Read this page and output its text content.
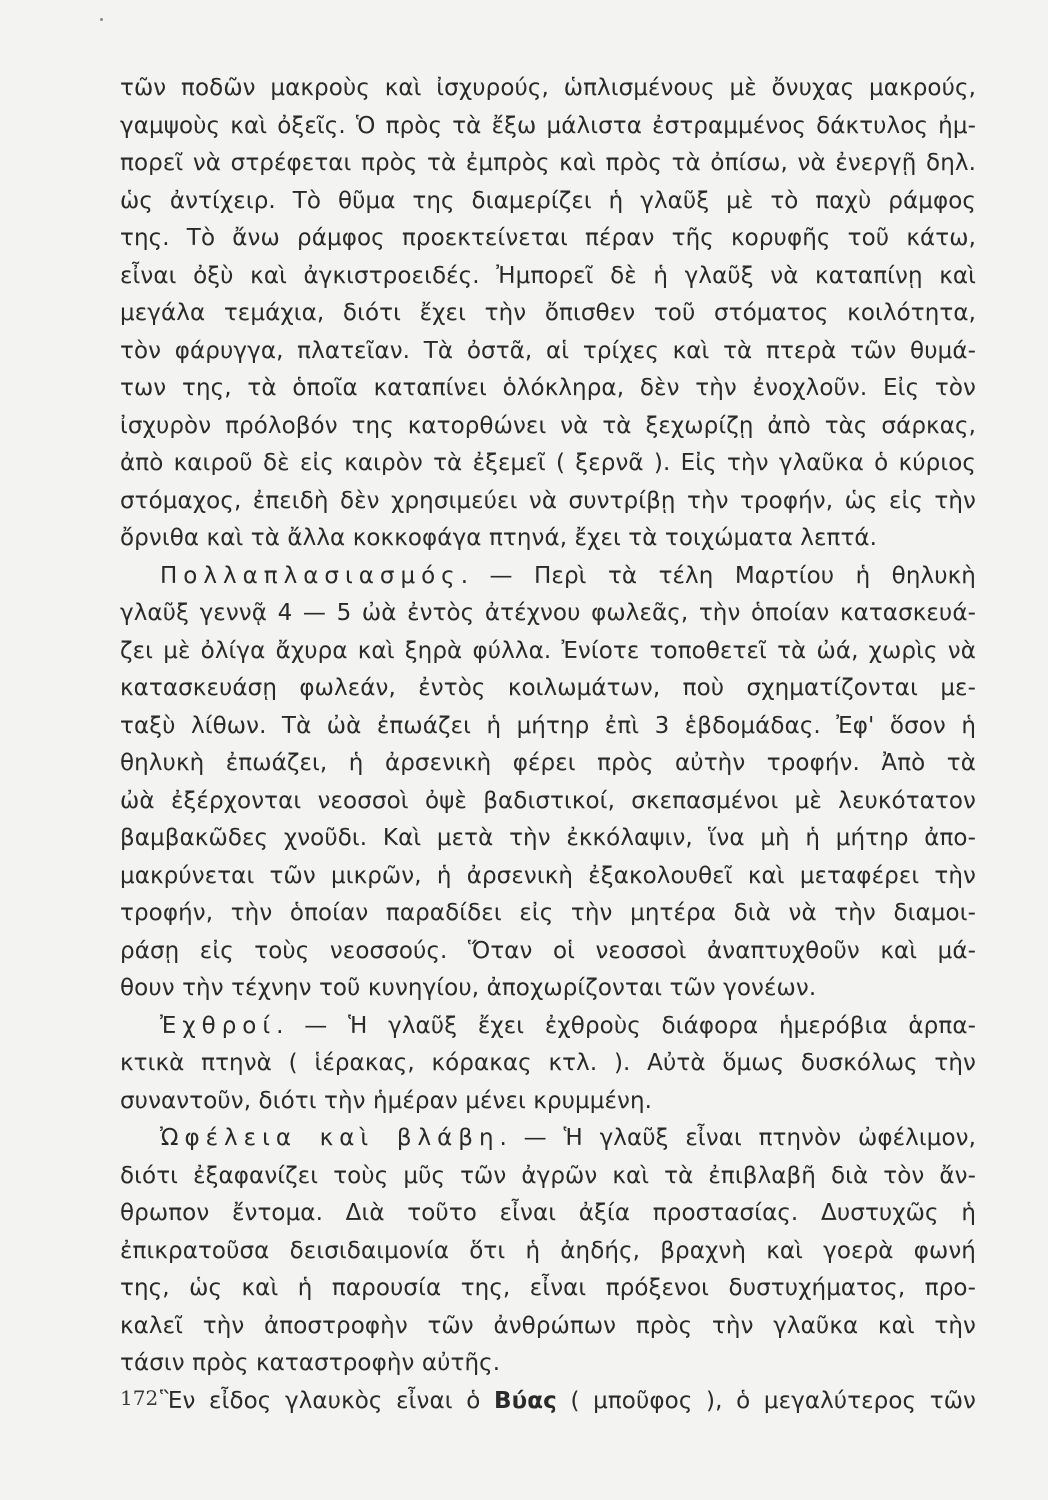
τῶν ποδῶν μακροὺς καὶ ἰσχυρούς, ὡπλισμένους μὲ ὄνυχας μακρούς,
γαμψοὺς καὶ ὀξεῖς. Ὁ πρὸς τὰ ἔξω μάλιστα ἐστραμμένος δάκτυλος ἠμ-
πορεῖ νὰ στρέφεται πρὸς τὰ ἐμπρὸς καὶ πρὸς τὰ ὀπίσω, νὰ ἐνεργῇ δηλ.
ὡς ἀντίχειρ. Τὸ θῦμα της διαμερίζει ἡ γλαῦξ μὲ τὸ παχὺ ράμφος
της. Τὸ ἄνω ράμφος προεκτείνεται πέραν τῆς κορυφῆς τοῦ κάτω,
εἶναι ὀξὺ καὶ ἀγκιστροειδές. Ἠμπορεῖ δὲ ἡ γλαῦξ νὰ καταπίνῃ καὶ
μεγάλα τεμάχια, διότι ἔχει τὴν ὄπισθεν τοῦ στόματος κοιλότητα,
τὸν φάρυγγα, πλατεῖαν. Τὰ ὀστᾶ, αἱ τρίχες καὶ τὰ πτερὰ τῶν θυμά-
των της, τὰ ὁποῖα καταπίνει ὁλόκληρα, δὲν τὴν ἐνοχλοῦν. Εἰς τὸν
ἰσχυρὸν πρόλοβόν της κατορθώνει νὰ τὰ ξεχωρίζῃ ἀπὸ τὰς σάρκας,
ἀπὸ καιροῦ δὲ εἰς καιρὸν τὰ ἐξεμεῖ ( ξερνᾶ ). Εἰς τὴν γλαῦκα ὁ κύριος
στόμαχος, ἐπειδὴ δὲν χρησιμεύει νὰ συντρίβῃ τὴν τροφήν, ὡς εἰς τὴν
ὄρνιθα καὶ τὰ ἄλλα κοκκοφάγα πτηνά, ἔχει τὰ τοιχώματα λεπτά.
Πολλαπλασιασμός. — Περὶ τὰ τέλη Μαρτίου ἡ θηλυκὴ
γλαῦξ γεννᾷ 4 — 5 ὠὰ ἐντὸς ἀτέχνου φωλεᾶς, τὴν ὁποίαν κατασκευά-
ζει μὲ ὀλίγα ἄχυρα καὶ ξηρὰ φύλλα. Ἐνίοτε τοποθετεῖ τὰ ὠά, χωρὶς νὰ
κατασκευάσῃ φωλεάν, ἐντὸς κοιλωμάτων, ποὺ σχηματίζονται με-
ταξὺ λίθων. Τὰ ὠὰ ἐπωάζει ἡ μήτηρ ἐπὶ 3 ἑβδομάδας. Ἐφ' ὅσον ἡ
θηλυκὴ ἐπωάζει, ἡ ἀρσενικὴ φέρει πρὸς αὐτὴν τροφήν. Ἀπὸ τὰ
ὠὰ ἐξέρχονται νεοσσοὶ ὀψὲ βαδιστικοί, σκεπασμένοι μὲ λευκότατον
βαμβακῶδες χνοῦδι. Καὶ μετὰ τὴν ἐκκόλαψιν, ἵνα μὴ ἡ μήτηρ ἀπο-
μακρύνεται τῶν μικρῶν, ἡ ἀρσενικὴ ἐξακολουθεῖ καὶ μεταφέρει τὴν
τροφήν, τὴν ὁποίαν παραδίδει εἰς τὴν μητέρα διὰ νὰ τὴν διαμοι-
ράσῃ εἰς τοὺς νεοσσούς. Ὅταν οἱ νεοσσοὶ ἀναπτυχθοῦν καὶ μά-
θουν τὴν τέχνην τοῦ κυνηγίου, ἀποχωρίζονται τῶν γονέων.
Ἐχθροί. — Ἡ γλαῦξ ἔχει ἐχθροὺς διάφορα ἡμερόβια ἁρπα-
κτικὰ πτηνὰ ( ἱέρακας, κόρακας κτλ. ). Αὐτὰ ὅμως δυσκόλως τὴν
συναντοῦν, διότι τὴν ἡμέραν μένει κρυμμένη.
Ὠφέλεια καὶ βλάβη. — Ἡ γλαῦξ εἶναι πτηνὸν ὠφέλιμον,
διότι ἐξαφανίζει τοὺς μῦς τῶν ἀγρῶν καὶ τὰ ἐπιβλαβῆ διὰ τὸν ἄν-
θρωπον ἔντομα. Διὰ τοῦτο εἶναι ἀξία προστασίας. Δυστυχῶς ἡ
ἐπικρατοῦσα δεισιδαιμονία ὅτι ἡ ἀηδής, βραχνὴ καὶ γοερὰ φωνή
της, ὡς καὶ ἡ παρουσία της, εἶναι πρόξενοι δυστυχήματος, προ-
καλεῖ τὴν ἀποστροφὴν τῶν ἀνθρώπων πρὸς τὴν γλαῦκα καὶ τὴν
τάσιν πρὸς καταστροφὴν αὐτῆς.
Ἓν εἶδος γλαυκὸς εἶναι ὁ Βύας ( μποῦφος ), ὁ μεγαλύτερος τῶν
172
